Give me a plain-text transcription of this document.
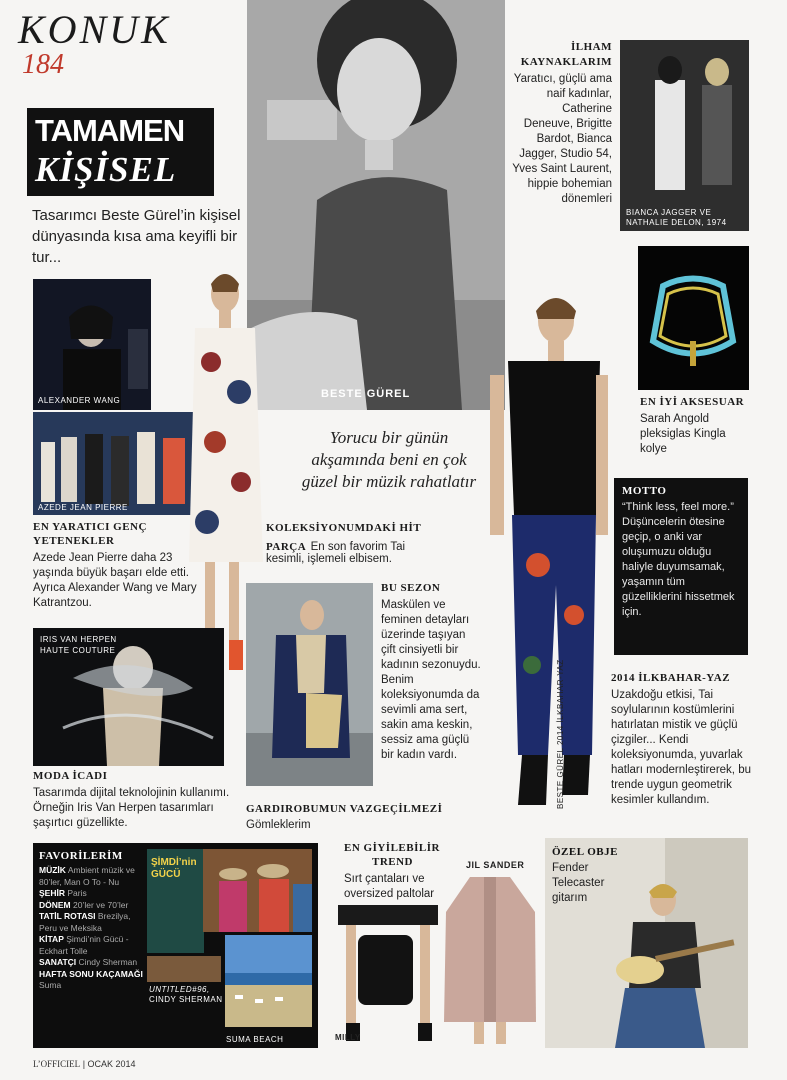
KONUK
184
TAMAMEN
KİŞİSEL
Tasarımcı Beste Gürel’in kişisel dünyasında kısa ama keyifli bir tur...
BESTE GÜREL
İLHAM KAYNAKLARIM
Yaratıcı, güçlü ama naif kadınlar, Catherine Deneuve, Brigitte Bardot, Bianca Jagger, Studio 54, Yves Saint Laurent, hippie bohemian dönemleri
BIANCA JAGGER VE
NATHALIE DELON, 1974
EN İYİ AKSESUAR
Sarah Angold pleksiglas Kingla kolye
Yorucu bir günün
akşamında beni en çok
güzel bir müzik rahatlatır
ALEXANDER WANG
AZEDE JEAN PIERRE
EN YARATICI GENÇ
YETENEKLER
Azede Jean Pierre daha 23 yaşında büyük başarı elde etti. Ayrıca Alexander Wang ve Mary Katrantzou.
KOLEKSİYONUMDAKİ HİT
PARÇA En son favorim Tai
kesimli, işlemeli elbisem.
BESTE GÜREL 2014 İLKBAHAR-YAZ
MOTTO
“Think less, feel more.” Düşüncelerin ötesine geçip, o anki var oluşumuzu olduğu haliyle duyumsamak, yaşamın tüm güzelliklerini hissetmek için.
BU SEZON
Maskülen ve feminen detayları üzerinde taşıyan çift cinsiyetli bir kadının sezonuydu. Benim koleksiyonumda da sevimli ama sert, sakin ama keskin, sessiz ama güçlü bir kadın vardı.
2014 İLKBAHAR-YAZ
Uzakdoğu etkisi, Tai soylularının kostümlerini hatırlatan mistik ve güçlü çizgiler... Kendi koleksiyonumda, yuvarlak hatları modernleştirerek, bu trende uygun geometrik kesimler kullandım.
IRIS VAN HERPEN
HAUTE COUTURE
MODA İCADI
Tasarımda dijital teknolojinin kullanımı. Örneğin Iris Van Herpen tasarımları şaşırtıcı güzellikte.
GARDIROBUMUN VAZGEÇİLMEZİ
Gömleklerim
FAVORİLERİM
MÜZİK Ambient müzik ve 80’ler, Man O To - Nu
ŞEHİR Paris
DÖNEM 20’ler ve 70’ler
TATİL ROTASI Brezilya, Peru ve Meksika
KİTAP Şimdi’nin Gücü - Eckhart Tolle
SANATÇI Cindy Sherman
HAFTA SONU KAÇAMAĞI Suma
ŞİMDİ’nin
GÜCÜ
UNTITLED#96,
CINDY SHERMAN
SUMA BEACH
EN GİYİLEBİLİR
TREND
Sırt çantaları ve oversized paltolar
JIL SANDER
MILLY
ÖZEL OBJE
Fender Telecaster gitarım
L’OFFICIEL | OCAK 2014
